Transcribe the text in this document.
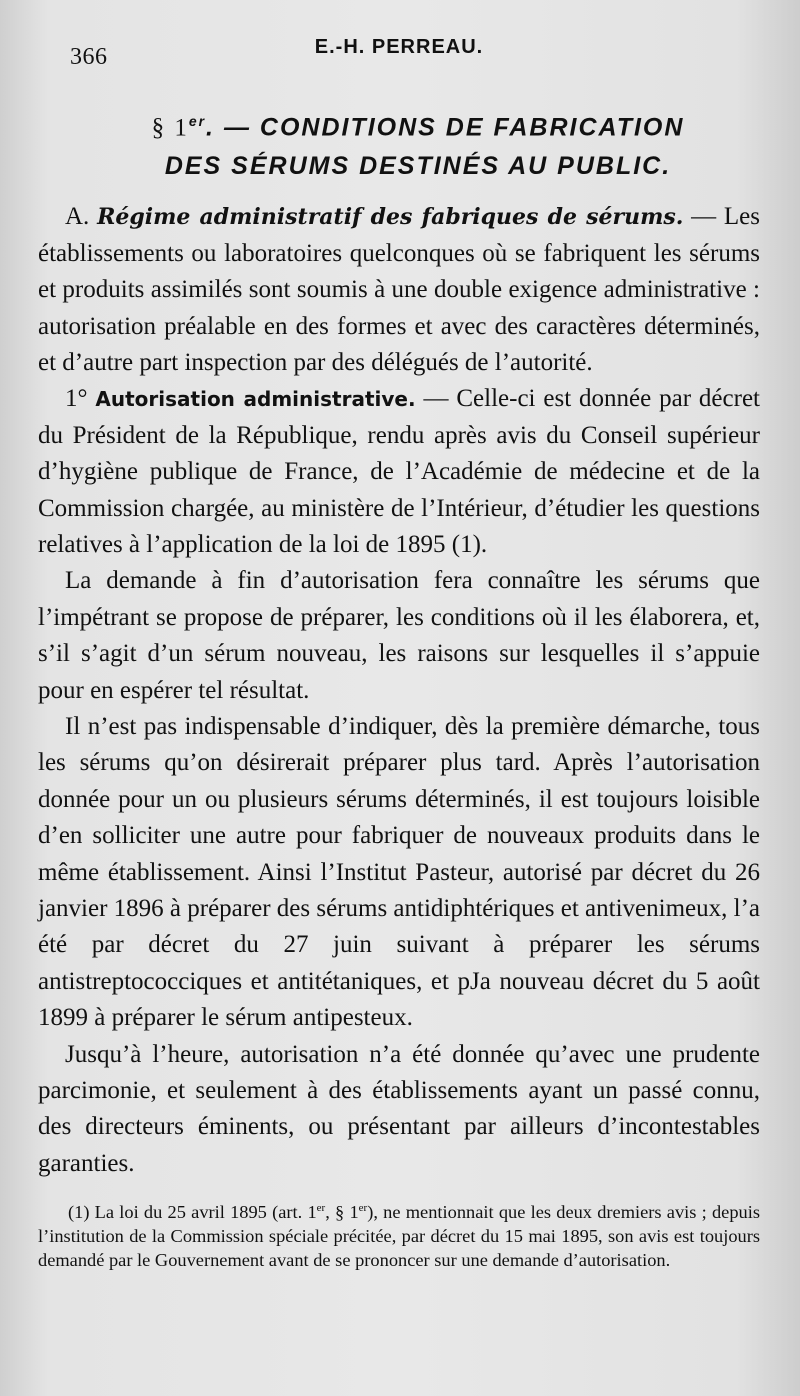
366	E.-H. PERREAU.
§ 1er. — CONDITIONS DE FABRICATION
DES SÉRUMS DESTINÉS AU PUBLIC.

A. Régime administratif des fabriques de sérums. — Les établissements ou laboratoires quelconques où se fabriquent les sérums et produits assimilés sont soumis à une double exigence administrative : autorisation préalable en des formes et avec des caractères déterminés, et d’autre part inspection par des délégués de l’autorité.

1° Autorisation administrative. — Celle-ci est donnée par décret du Président de la République, rendu après avis du Conseil supérieur d’hygiène publique de France, de l’Académie de médecine et de la Commission chargée, au ministère de l’Intérieur, d’étudier les questions relatives à l’application de la loi de 1895 (1).

La demande à fin d’autorisation fera connaître les sérums que l’impétrant se propose de préparer, les conditions où il les élaborera, et, s’il s’agit d’un sérum nouveau, les raisons sur lesquelles il s’appuie pour en espérer tel résultat.

Il n’est pas indispensable d’indiquer, dès la première démarche, tous les sérums qu’on désirerait préparer plus tard. Après l’autorisation donnée pour un ou plusieurs sérums déterminés, il est toujours loisible d’en solliciter une autre pour fabriquer de nouveaux produits dans le même établissement. Ainsi l’Institut Pasteur, autorisé par décret du 26 janvier 1896 à préparer des sérums antidiphtériques et antivenimeux, l’a été par décret du 27 juin suivant à préparer les sérums antistreptococciques et antitétaniques, et pJa nouveau décret du 5 août 1899 à préparer le sérum antipesteux.

Jusqu’à l’heure, autorisation n’a été donnée qu’avec une prudente parcimonie, et seulement à des établissements ayant un passé connu, des directeurs éminents, ou présentant par ailleurs d’incontestables garanties.

(1) La loi du 25 avril 1895 (art. 1er, § 1er), ne mentionnait que les deux dremiers avis ; depuis l’institution de la Commission spéciale précitée, par décret du 15 mai 1895, son avis est toujours demandé par le Gouvernement avant de se prononcer sur une demande d’autorisation.
